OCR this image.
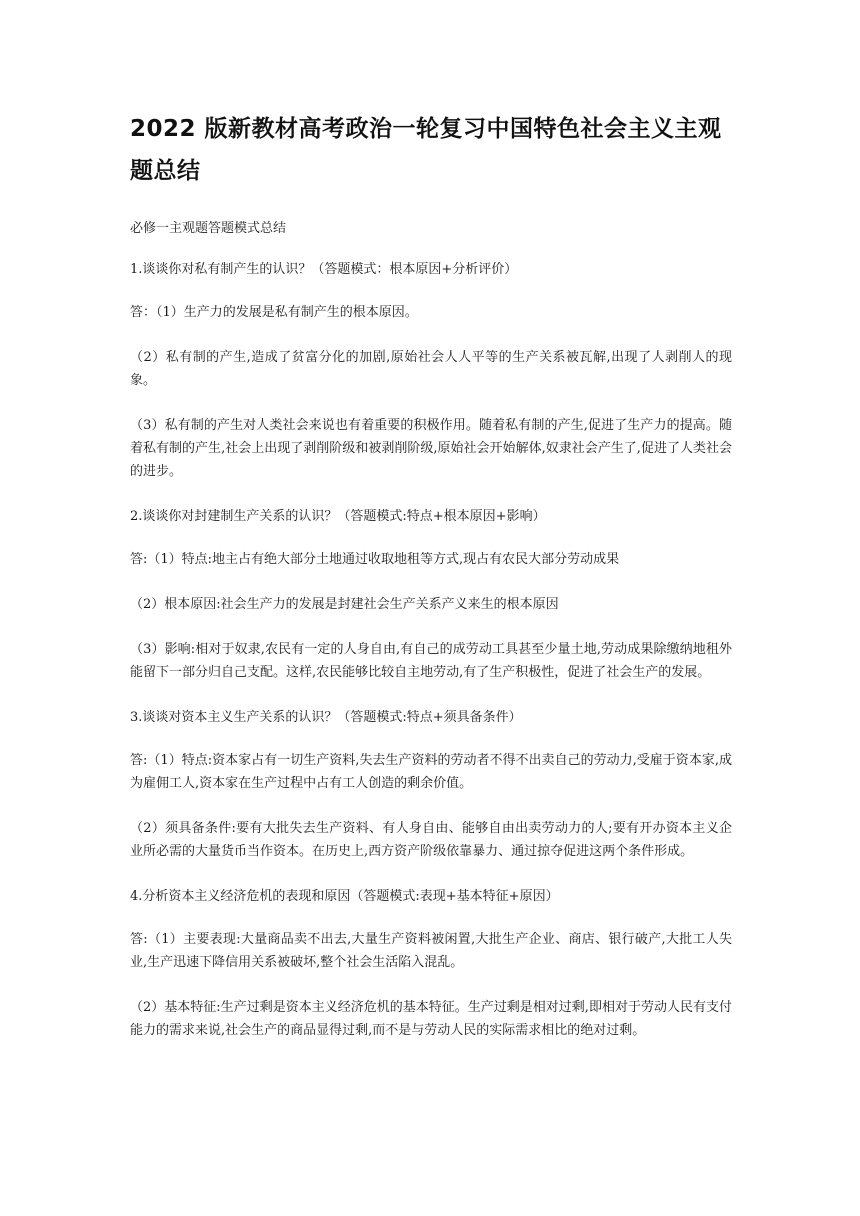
2022 版新教材高考政治一轮复习中国特色社会主义主观题总结

必修一主观题答题模式总结

1.谈谈你对私有制产生的认识？（答题模式：根本原因+分析评价）

答：（1）生产力的发展是私有制产生的根本原因。

（2）私有制的产生,造成了贫富分化的加剧,原始社会人人平等的生产关系被瓦解,出现了人剥削人的现象。

（3）私有制的产生对人类社会来说也有着重要的积极作用。随着私有制的产生,促进了生产力的提高。随着私有制的产生,社会上出现了剥削阶级和被剥削阶级,原始社会开始解体,奴隶社会产生了,促进了人类社会的进步。

2.谈谈你对封建制生产关系的认识？（答题模式:特点+根本原因+影响）

答:（1）特点:地主占有绝大部分土地通过收取地租等方式,现占有农民大部分劳动成果

（2）根本原因:社会生产力的发展是封建社会生产关系产义来生的根本原因

（3）影响:相对于奴隶,农民有一定的人身自由,有自己的成劳动工具甚至少量土地,劳动成果除缴纳地租外能留下一部分归自己支配。这样,农民能够比较自主地劳动,有了生产积极性，促进了社会生产的发展。

3.谈谈对资本主义生产关系的认识？（答题模式:特点+须具备条件）

答:（1）特点:资本家占有一切生产资料,失去生产资料的劳动者不得不出卖自己的劳动力,受雇于资本家,成为雇佣工人,资本家在生产过程中占有工人创造的剩余价值。

（2）须具备条件:要有大批失去生产资料、有人身自由、能够自由出卖劳动力的人;要有开办资本主义企业所必需的大量货币当作资本。在历史上,西方资产阶级依靠暴力、通过掠夺促进这两个条件形成。

4.分析资本主义经济危机的表现和原因（答题模式:表现+基本特征+原因）

答:（1）主要表现:大量商品卖不出去,大量生产资料被闲置,大批生产企业、商店、银行破产,大批工人失业,生产迅速下降信用关系被破坏,整个社会生活陷入混乱。

（2）基本特征:生产过剩是资本主义经济危机的基本特征。生产过剩是相对过剩,即相对于劳动人民有支付能力的需求来说,社会生产的商品显得过剩,而不是与劳动人民的实际需求相比的绝对过剩。
